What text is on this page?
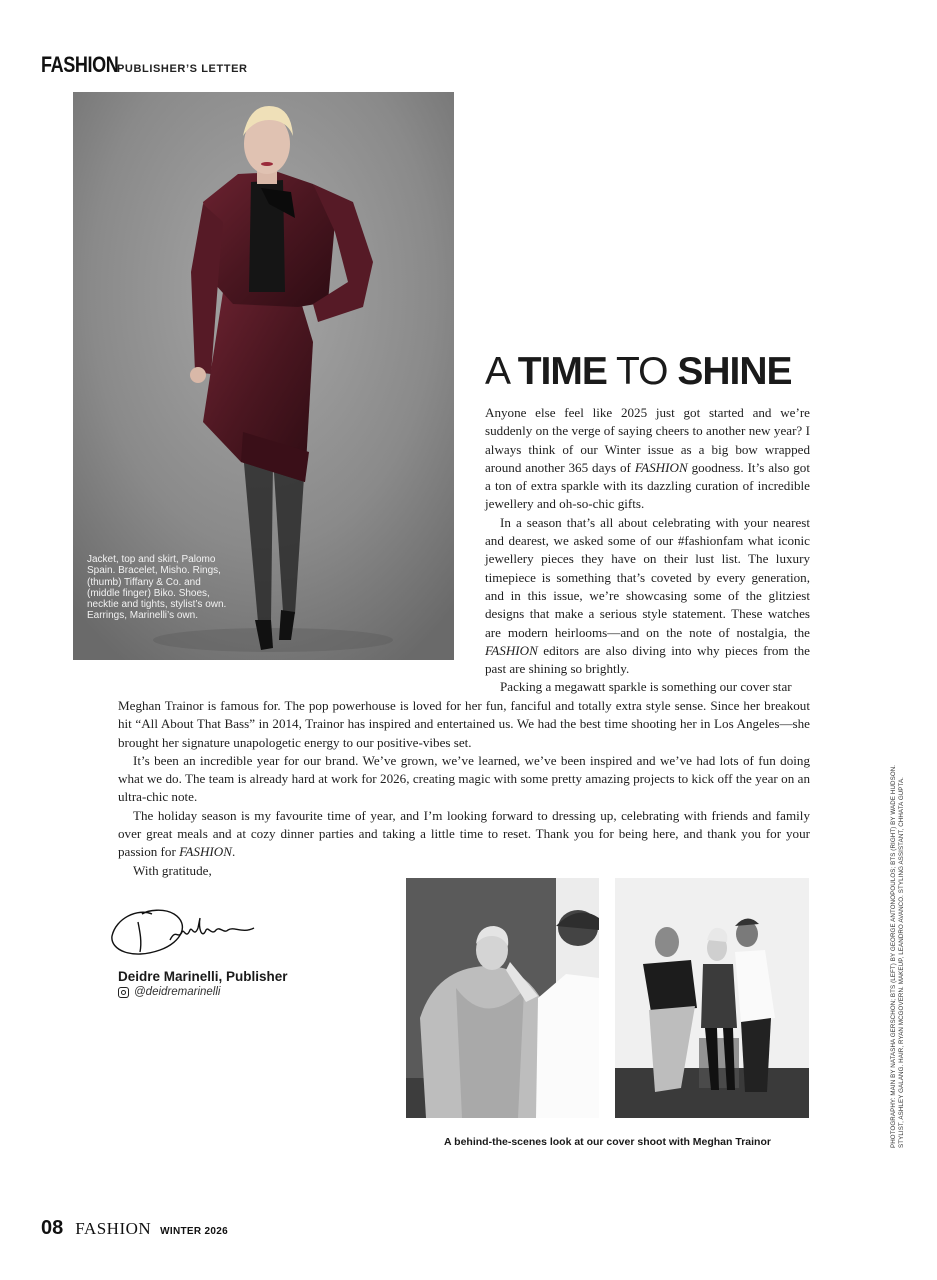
FASHION
PUBLISHER’S LETTER
Jacket, top and skirt, Palomo Spain. Bracelet, Misho. Rings, (thumb) Tiffany & Co. and (middle finger) Biko. Shoes, necktie and tights, stylist’s own. Earrings, Marinelli’s own.
A TIME TO SHINE

Anyone else feel like 2025 just got started and we’re suddenly on the verge of saying cheers to another new year? I always think of our Winter issue as a big bow wrapped around another 365 days of FASHION goodness. It’s also got a ton of extra sparkle with its dazzling curation of incredible jewellery and oh-so-chic gifts.

In a season that’s all about celebrating with your nearest and dearest, we asked some of our #fashionfam what iconic jewellery pieces they have on their lust list. The luxury timepiece is something that’s coveted by every generation, and in this issue, we’re showcasing some of the glitziest designs that make a serious style statement. These watches are modern heirlooms—and on the note of nostalgia, the FASHION editors are also diving into why pieces from the past are shining so brightly.

Packing a megawatt sparkle is something our cover star

Meghan Trainor is famous for. The pop powerhouse is loved for her fun, fanciful and totally extra style sense. Since her breakout hit “All About That Bass” in 2014, Trainor has inspired and entertained us. We had the best time shooting her in Los Angeles—she brought her signature unapologetic energy to our positive-vibes set.

It’s been an incredible year for our brand. We’ve grown, we’ve learned, we’ve been inspired and we’ve had lots of fun doing what we do. The team is already hard at work for 2026, creating magic with some pretty amazing projects to kick off the year on an ultra-chic note.

The holiday season is my favourite time of year, and I’m looking forward to dressing up, celebrating with friends and family over great meals and at cozy dinner parties and taking a little time to reset. Thank you for being here, and thank you for your passion for FASHION.

With gratitude,

Deidre Marinelli, Publisher
@deidremarinelli
A behind-the-scenes look at our cover shoot with Meghan Trainor	PHOTOGRAPHY: MAIN BY NATASHA GERSCHON; BTS (LEFT) BY GEORGE ANTONOPOULOS; BTS (RIGHT) BY WADE HUDSON. STYLIST, ASHLEY GALANG. HAIR, RYAN MCGOVERN. MAKEUP, LEANDRO AVANCO. STYLING ASSISTANT, CHHATA GUPTA.
08 FASHION WINTER 2026
